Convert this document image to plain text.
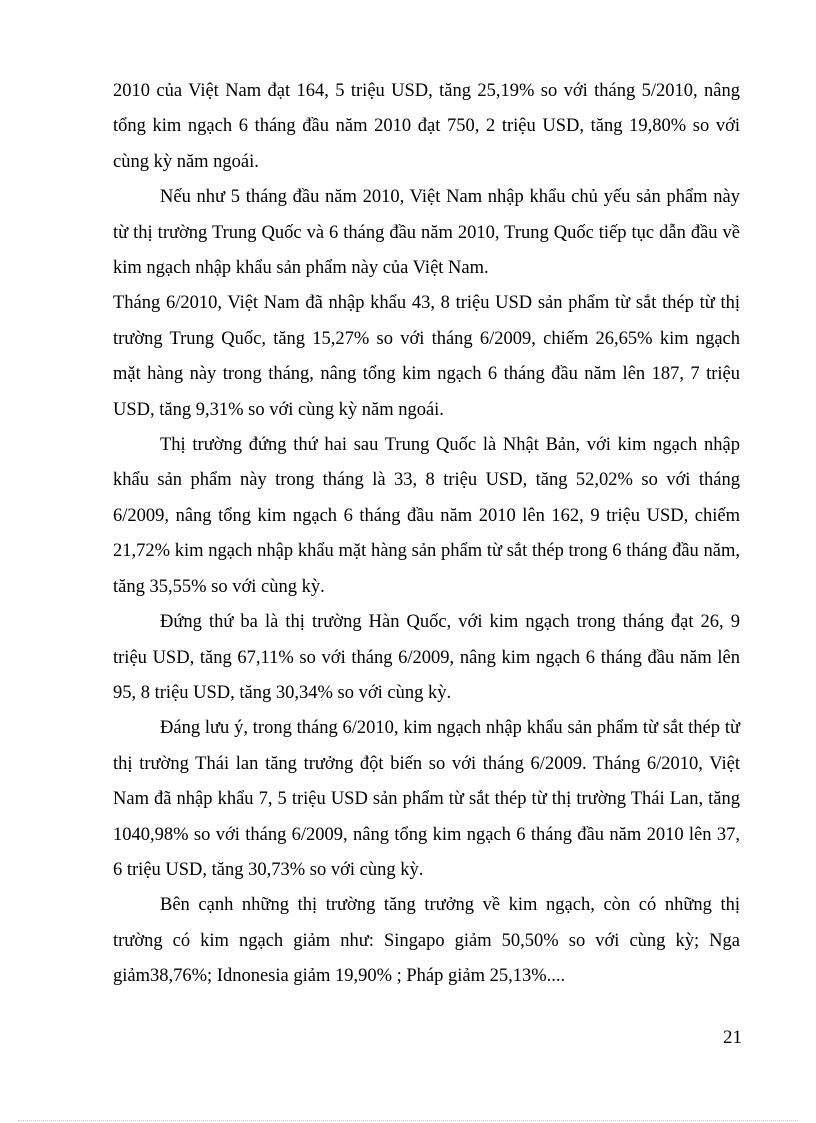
2010 của Việt Nam đạt 164, 5 triệu USD, tăng 25,19% so với tháng 5/2010, nâng tổng kim ngạch 6 tháng đầu năm 2010 đạt 750, 2 triệu USD, tăng 19,80% so với cùng kỳ năm ngoái.

Nếu như 5 tháng đầu năm 2010, Việt Nam nhập khẩu chủ yếu sản phẩm này từ thị trường Trung Quốc và 6 tháng đầu năm 2010, Trung Quốc tiếp tục dẫn đầu về kim ngạch nhập khẩu sản phẩm này của Việt Nam.

Tháng 6/2010, Việt Nam đã nhập khẩu 43, 8 triệu USD sản phẩm từ sắt thép từ thị trường Trung Quốc, tăng 15,27% so với tháng 6/2009, chiếm 26,65% kim ngạch mặt hàng này trong tháng, nâng tổng kim ngạch 6 tháng đầu năm lên 187, 7 triệu USD, tăng 9,31% so với cùng kỳ năm ngoái.

Thị trường đứng thứ hai sau Trung Quốc là Nhật Bản, với kim ngạch nhập khẩu sản phẩm này trong tháng là 33, 8 triệu USD, tăng 52,02% so với tháng 6/2009, nâng tổng kim ngạch 6 tháng đầu năm 2010 lên 162, 9 triệu USD, chiếm 21,72% kim ngạch nhập khẩu mặt hàng sản phẩm từ sắt thép trong 6 tháng đầu năm, tăng 35,55% so với cùng kỳ.

Đứng thứ ba là thị trường Hàn Quốc, với kim ngạch trong tháng đạt 26, 9 triệu USD, tăng 67,11% so với tháng 6/2009, nâng kim ngạch 6 tháng đầu năm lên 95, 8 triệu USD, tăng 30,34% so với cùng kỳ.

Đáng lưu ý, trong tháng 6/2010, kim ngạch nhập khẩu sản phẩm từ sắt thép từ thị trường Thái lan tăng trưởng đột biến so với tháng 6/2009. Tháng 6/2010, Việt Nam đã nhập khẩu 7, 5 triệu USD sản phẩm từ sắt thép từ thị trường Thái Lan, tăng 1040,98% so với tháng 6/2009, nâng tổng kim ngạch 6 tháng đầu năm 2010 lên 37, 6 triệu USD, tăng 30,73% so với cùng kỳ.

Bên cạnh những thị trường tăng trưởng về kim ngạch, còn có những thị trường có kim ngạch giảm như: Singapo giảm 50,50% so với cùng kỳ; Nga giảm38,76%; Idnonesia giảm 19,90% ; Pháp giảm 25,13%....

21
